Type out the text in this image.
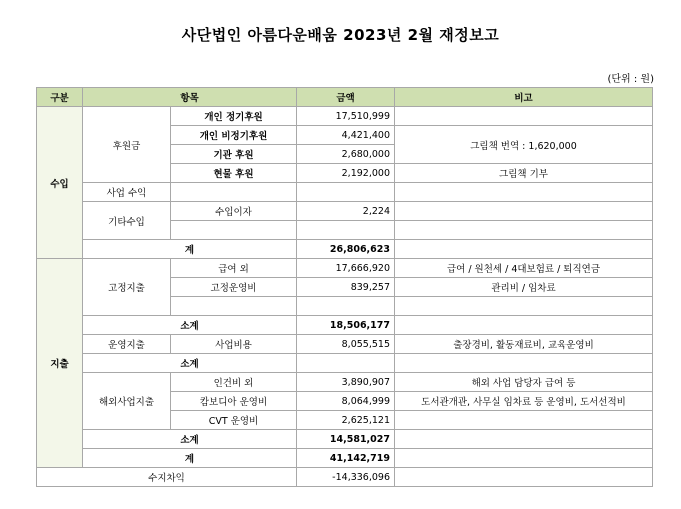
사단법인 아름다운배움 2023년 2월 재정보고
(단위 : 원)
구분	항목		금액	비고
수입	후원금	개인 정기후원	17,510,999	
		개인 비정기후원	4,421,400	그림책 번역 : 1,620,000
		기관 후원	2,680,000	
		현물 후원	2,192,000	그림책 기부
	사업 수익			
	기타수입	수입이자	2,224	

	계		26,806,623	
지출	고정지출	급여 외	17,666,920	급여 / 원천세 / 4대보험료 / 퇴직연금
		고정운영비	839,257	관리비 / 임차료

	소계		18,506,177	
	운영지출	사업비용	8,055,515	출장경비, 활동재료비, 교육운영비
	소계			
	해외사업지출	인건비 외	3,890,907	해외 사업 담당자 급여 등
		캄보디아 운영비	8,064,999	도서관개관, 사무실 임차료 등 운영비, 도서선적비
		CVT 운영비	2,625,121	
	소계		14,581,027	
	계		41,142,719	
수지차익			-14,336,096	
